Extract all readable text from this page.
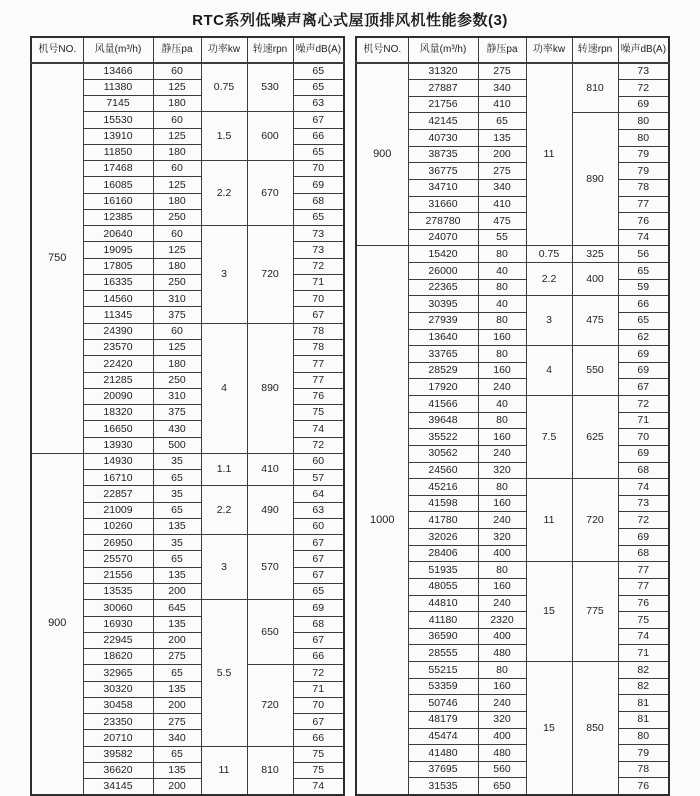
RTC系列低噪声离心式屋顶排风机性能参数(3)
机号NO.	风量(m³/h)	静压pa	功率kw	转速rpn	噪声dB(A)
750	13466	60	0.75	530	65
	11380	125			65
	7145	180			63
	15530	60	1.5	600	67
	13910	125			66
	11850	180			65
	17468	60	2.2	670	70
	16085	125			69
	16160	180			68
	12385	250			65
	20640	60	3	720	73
	19095	125			73
	17805	180			72
	16335	250			71
	14560	310			70
	11345	375			67
	24390	60	4	890	78
	23570	125			78
	22420	180			77
	21285	250			77
	20090	310			76
	18320	375			75
	16650	430			74
	13930	500			72
900	14930	35	1.1	410	60
	16710	65			57
	22857	35	2.2	490	64
	21009	65			63
	10260	135			60
	26950	35	3	570	67
	25570	65			67
	21556	135			67
	13535	200			65
	30060	645	5.5	650	69
	16930	135			68
	22945	200			67
	18620	275			66
	32965	65		720	72
	30320	135			71
	30458	200			70
	23350	275			67
	20710	340			66
	39582	65	11	810	75
	36620	135			75
	34145	200			74
机号NO.	风量(m³/h)	静压pa	功率kw	转速rpn	噪声dB(A)
900	31320	275	11	810	73
	27887	340			72
	21756	410			69
	42145	65		890	80
	40730	135			80
	38735	200			79
	36775	275			79
	34710	340			78
	31660	410			77
	278780	475			76
	24070	55			74
1000	15420	80	0.75	325	56
	26000	40	2.2	400	65
	22365	80			59
	30395	40	3	475	66
	27939	80			65
	13640	160			62
	33765	80	4	550	69
	28529	160			69
	17920	240			67
	41566	40	7.5	625	72
	39648	80			71
	35522	160			70
	30562	240			69
	24560	320			68
	45216	80	11	720	74
	41598	160			73
	41780	240			72
	32026	320			69
	28406	400			68
	51935	80	15	775	77
	48055	160			77
	44810	240			76
	41180	2320			75
	36590	400			74
	28555	480			71
	55215	80	15	850	82
	53359	160			82
	50746	240			81
	48179	320			81
	45474	400			80
	41480	480			79
	37695	560			78
	31535	650			76
